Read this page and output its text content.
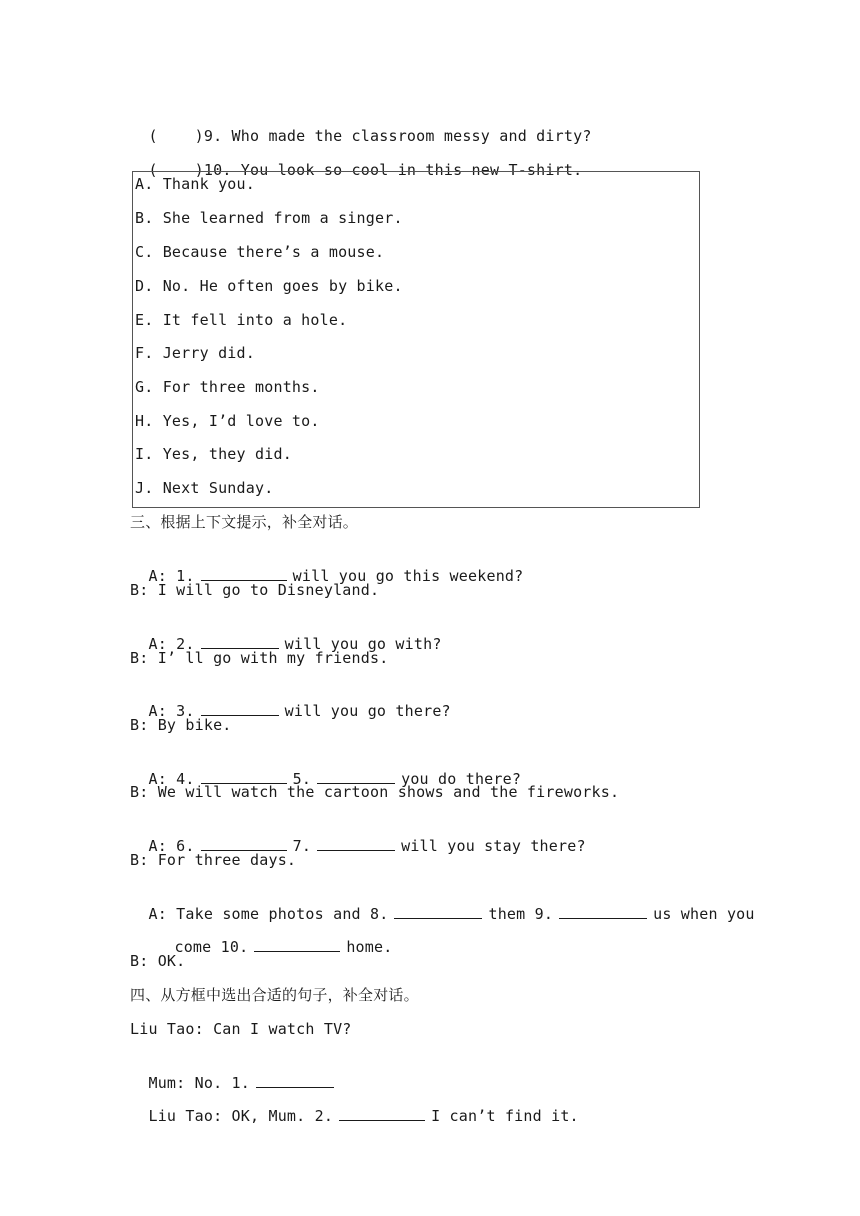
(    )9. Who made the classroom messy and dirty?

(    )10. You look so cool in this new T-shirt.

A. Thank you.
B. She learned from a singer.
C. Because there’s a mouse.
D. No. He often goes by bike.
E. It fell into a hole.
F. Jerry did.
G. For three months.
H. Yes, I’d love to.
I. Yes, they did.
J. Next Sunday.
三、根据上下文提示，补全对话。

A: 1.	will you go this weekend?

B: I will go to Disneyland.

A: 2.	will you go with?

B: I’ ll go with my friends.

A: 3.	will you go there?

B: By bike.

A: 4.	5.	you do there?

B: We will watch the cartoon shows and the fireworks.

A: 6.	7.	will you stay there?

B: For three days.

A: Take some photos and 8.	them 9.	us when you

come 10.	home.

B: OK.
四、从方框中选出合适的句子，补全对话。
Liu Tao: Can I watch TV?

Mum: No. 1.

Liu Tao: OK, Mum. 2.	I can’t find it.
